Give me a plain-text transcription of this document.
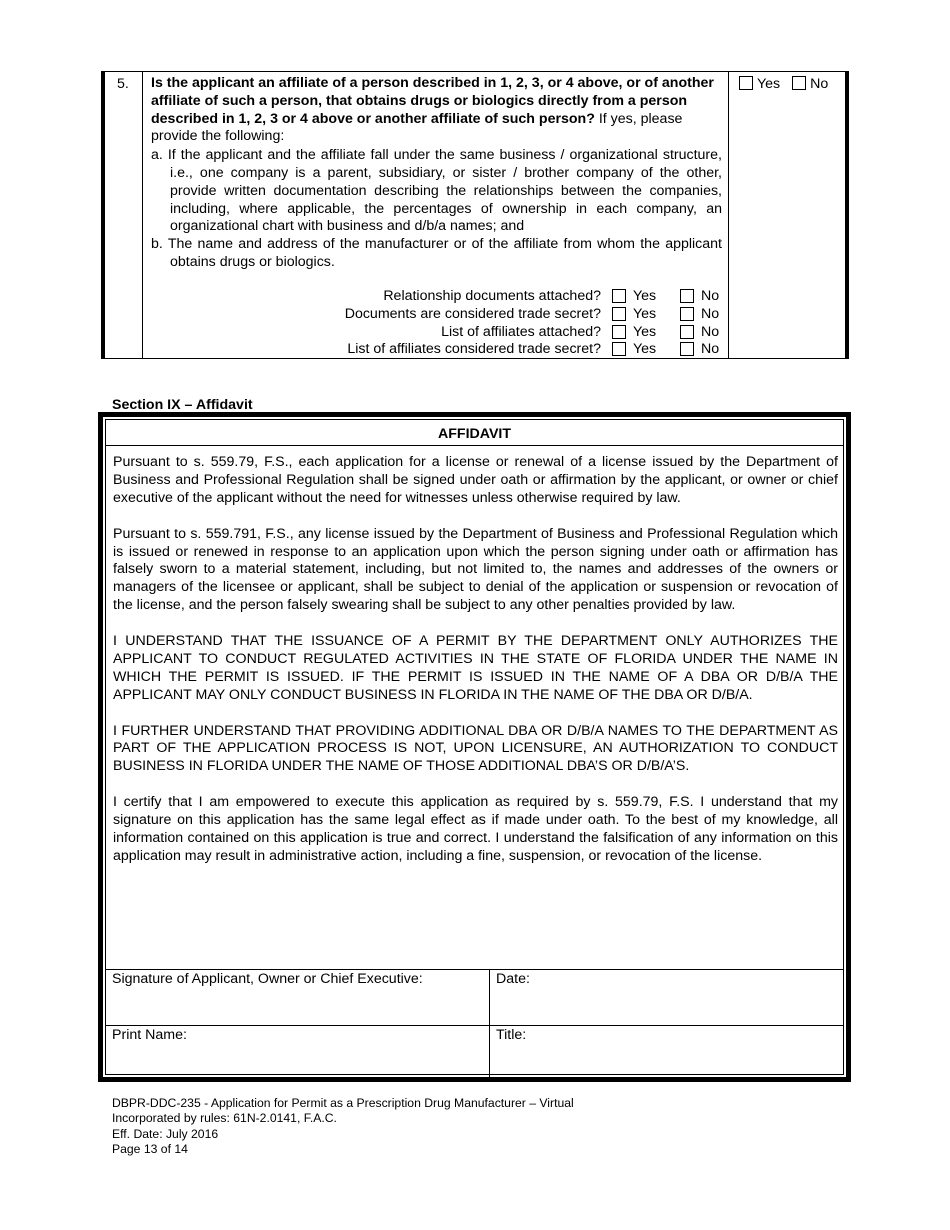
5. Is the applicant an affiliate of a person described in 1, 2, 3, or 4 above, or of another affiliate of such a person, that obtains drugs or biologics directly from a person described in 1, 2, 3 or 4 above or another affiliate of such person? If yes, please provide the following:

a. If the applicant and the affiliate fall under the same business / organizational structure, i.e., one company is a parent, subsidiary, or sister / brother company of the other, provide written documentation describing the relationships between the companies, including, where applicable, the percentages of ownership in each company, an organizational chart with business and d/b/a names; and
b. The name and address of the manufacturer or of the affiliate from whom the applicant obtains drugs or biologics.
Relationship documents attached? Yes	No
Documents are considered trade secret? Yes	No
List of affiliates attached? Yes	No
List of affiliates considered trade secret? Yes	No
Yes No
Section IX – Affidavit
AFFIDAVIT

Pursuant to s. 559.79, F.S., each application for a license or renewal of a license issued by the Department of Business and Professional Regulation shall be signed under oath or affirmation by the applicant, or owner or chief executive of the applicant without the need for witnesses unless otherwise required by law.

Pursuant to s. 559.791, F.S., any license issued by the Department of Business and Professional Regulation which is issued or renewed in response to an application upon which the person signing under oath or affirmation has falsely sworn to a material statement, including, but not limited to, the names and addresses of the owners or managers of the licensee or applicant, shall be subject to denial of the application or suspension or revocation of the license, and the person falsely swearing shall be subject to any other penalties provided by law.

I UNDERSTAND THAT THE ISSUANCE OF A PERMIT BY THE DEPARTMENT ONLY AUTHORIZES THE APPLICANT TO CONDUCT REGULATED ACTIVITIES IN THE STATE OF FLORIDA UNDER THE NAME IN WHICH THE PERMIT IS ISSUED. IF THE PERMIT IS ISSUED IN THE NAME OF A DBA OR D/B/A THE APPLICANT MAY ONLY CONDUCT BUSINESS IN FLORIDA IN THE NAME OF THE DBA OR D/B/A.

I FURTHER UNDERSTAND THAT PROVIDING ADDITIONAL DBA OR D/B/A NAMES TO THE DEPARTMENT AS PART OF THE APPLICATION PROCESS IS NOT, UPON LICENSURE, AN AUTHORIZATION TO CONDUCT BUSINESS IN FLORIDA UNDER THE NAME OF THOSE ADDITIONAL DBA’S OR D/B/A’S.

I certify that I am empowered to execute this application as required by s. 559.79, F.S. I understand that my signature on this application has the same legal effect as if made under oath. To the best of my knowledge, all information contained on this application is true and correct. I understand the falsification of any information on this application may result in administrative action, including a fine, suspension, or revocation of the license.

Signature of Applicant, Owner or Chief Executive:	Date:
Print Name:	Title:
DBPR-DDC-235 - Application for Permit as a Prescription Drug Manufacturer – Virtual
Incorporated by rules: 61N-2.0141, F.A.C.
Eff. Date: July 2016
Page 13 of 14
